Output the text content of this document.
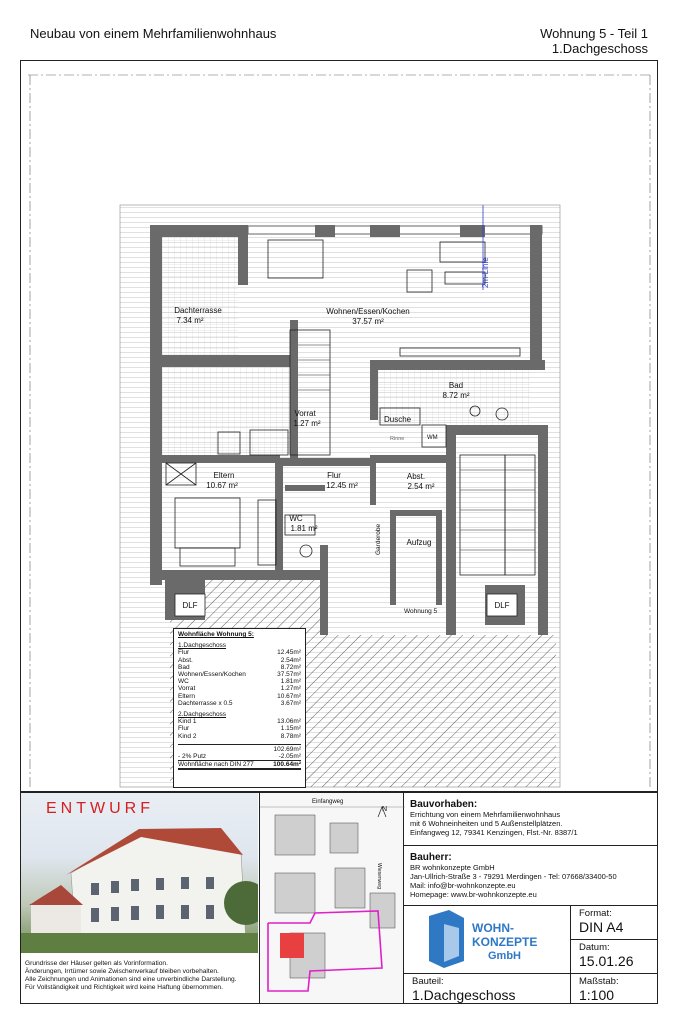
Neubau von einem Mehrfamilienwohnhaus	Wohnung 5 - Teil 1
1.Dachgeschoss
2m-Linie
Dachterrasse
7.34 m²
Wohnen/Essen/Kochen
37.57 m²
Bad
8.72 m²
Dusche
Rinne	WM
Vorrat
1.27 m²
Eltern
10.67 m²
Flur
12.45 m²
Abst.
2.54 m²
WC
1.81 m²
Aufzug
Garderobe
Wohnung 5
DLF	DLF
Wohnfläche Wohnung 5:
1.Dachgeschoss
Flur	12.45m²
Abst.	2.54m²
Bad	8.72m²
Wohnen/Essen/Kochen	37.57m²
WC	1.81m²
Vorrat	1.27m²
Eltern	10.67m²
Dachterrasse x 0.5	3.67m²
2.Dachgeschoss
Kind 1	13.06m²
Flur	1.15m²
Kind 2	8.78m²
102.69m²
- 2% Putz	-2.05m²
Wohnfläche nach DIN 277	100.64m²
ENTWURF
Grundrisse der Häuser gelten als Vorinformation.
Änderungen, Irrtümer sowie Zwischenverkauf bleiben vorbehalten.
Alle Zeichnungen und Animationen sind eine unverbindliche Darstellung.
Für Vollständigkeit und Richtigkeit wird keine Haftung übernommen.
Einfangweg
Wiesenweg
N Bauvorhaben:
Errichtung von einem Mehrfamilienwohnhaus
mit 6 Wohneinheiten und 5 Außenstellplätzen.
Einfangweg 12, 79341 Kenzingen, Flst.-Nr. 8387/1
Bauherr:
BR wohnkonzepte GmbH
Jan-Ullrich-Straße 3 - 79291 Merdingen - Tel: 07668/33400-50
Mail: info@br-wohnkonzepte.eu
Homepage: www.br-wohnkonzepte.eu
WOHN-
KONZEPTE
GmbH
Format:
DIN A4
Datum:
15.01.26
Bauteil:
1.Dachgeschoss
Maßstab:
1:100
